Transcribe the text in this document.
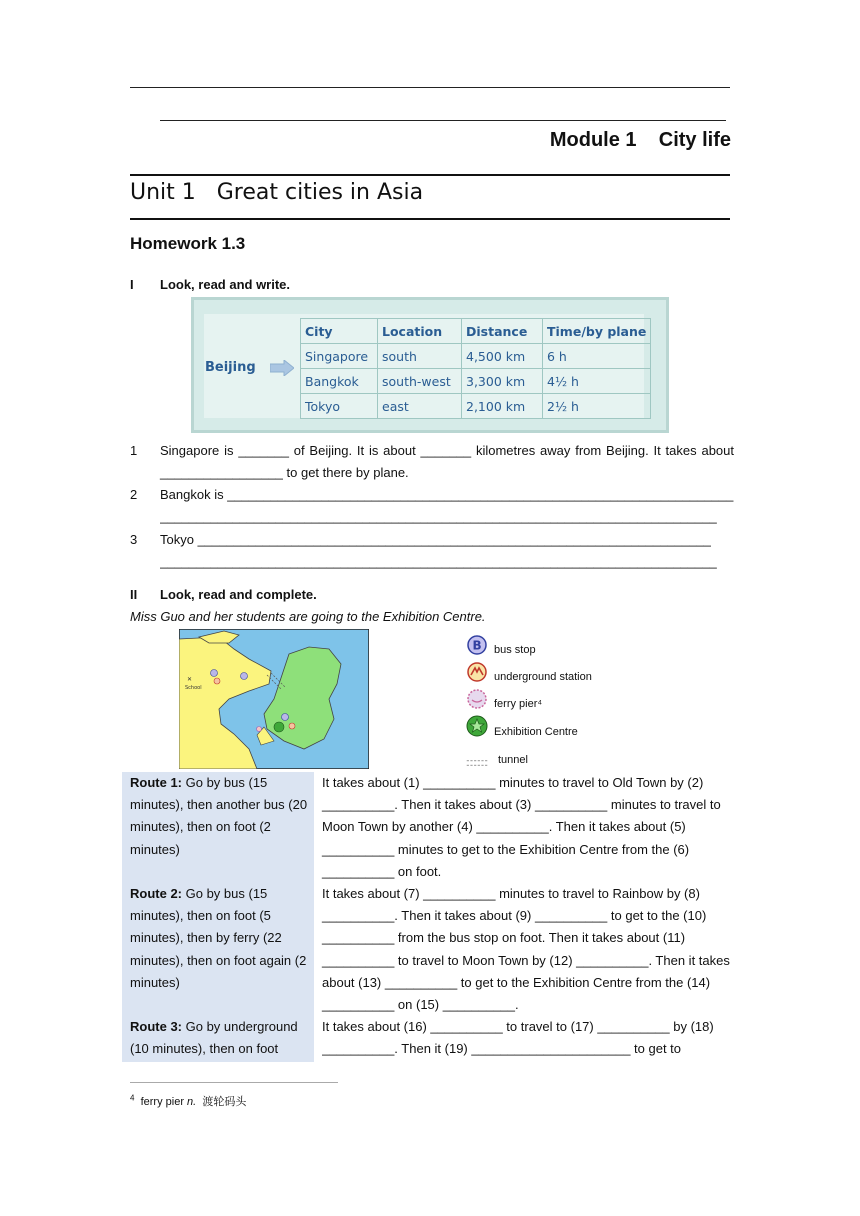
Module 1    City life
Unit 1   Great cities in Asia
Homework 1.3
I Look, read and write.
Beijing
City	Location	Distance	Time/by plane
Singapore	south	4,500 km	6 h
Bangkok	south-west	3,300 km	4½ h
Tokyo	east	2,100 km	2½ h
1 Singapore is _______ of Beijing. It is about _______ kilometres away from Beijing. It takes about _________________ to get there by plane.
2 Bangkok is ______________________________________________________________________
_____________________________________________________________________________
3 Tokyo _______________________________________________________________________
_____________________________________________________________________________
II Look, read and complete.
Miss Guo and her students are going to the Exhibition Centre.
✕
School
B bus stop
underground station
ferry pier⁴
Exhibition Centre
tunnel
Route 1: Go by bus (15 minutes), then another bus (20 minutes), then on foot (2 minutes)
It takes about (1) __________ minutes to travel to Old Town by (2) __________. Then it takes about (3) __________ minutes to travel to Moon Town by another (4) __________. Then it takes about (5) __________ minutes to get to the Exhibition Centre from the (6) __________ on foot.
Route 2: Go by bus (15 minutes), then on foot (5 minutes), then by ferry (22 minutes), then on foot again (2 minutes)
It takes about (7) __________ minutes to travel to Rainbow by (8) __________. Then it takes about (9) __________ to get to the (10) __________ from the bus stop on foot. Then it takes about (11) __________ to travel to Moon Town by (12) __________. Then it takes about (13) __________ to get to the Exhibition Centre from the (14) __________ on (15) __________.
Route 3: Go by underground (10 minutes), then on foot
It takes about (16) __________ to travel to (17) __________ by (18) __________. Then it (19) ______________________ to get to
$^4$ ferry pier n. 渡轮码头
